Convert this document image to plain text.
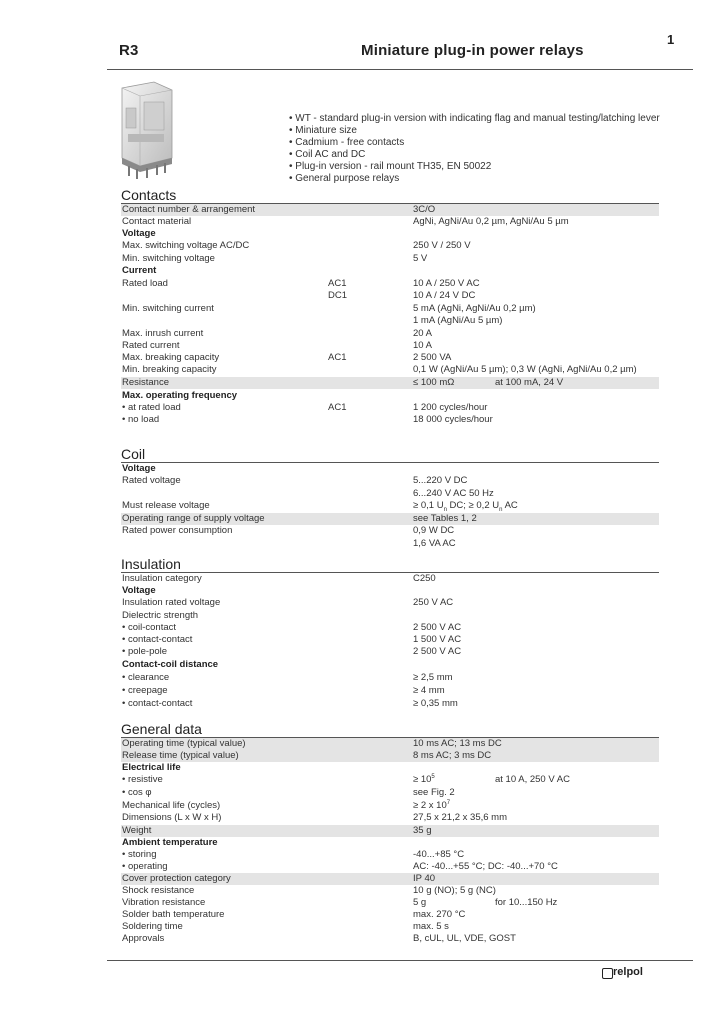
R3	Miniature plug-in power relays
1
• WT - standard plug-in version with indicating flag and manual testing/latching lever
• Miniature size
• Cadmium - free contacts
• Coil AC and DC
• Plug-in version - rail mount TH35, EN 50022
• General purpose relays
Contacts
Contact number & arrangement	3C/O
Contact material	AgNi, AgNi/Au 0,2 µm, AgNi/Au 5 µm
Voltage
Max. switching voltage AC/DC	250 V / 250 V
Min. switching voltage	5 V
Current
Rated load	AC1	10 A / 250 V AC
DC1	10 A / 24 V DC
Min. switching current	5 mA (AgNi, AgNi/Au 0,2 µm)
1 mA (AgNi/Au 5 µm)
Max. inrush current	20 A
Rated current	10 A
Max. breaking capacity	AC1	2 500 VA
Min. breaking capacity	0,1 W (AgNi/Au 5 µm); 0,3 W (AgNi, AgNi/Au 0,2 µm)
Resistance	≤ 100 mΩ	at 100 mA, 24 V
Max. operating frequency
• at rated load	AC1	1 200 cycles/hour
• no load	18 000 cycles/hour
Coil
Voltage
Rated voltage	5...220 V DC
6...240 V AC 50 Hz
Must release voltage	≥ 0,1 $U_n$ DC; ≥ 0,2 $U_n$ AC
Operating range of supply voltage	see Tables 1, 2
Rated power consumption	0,9 W DC
1,6 VA AC
Insulation
Insulation category	C250
Voltage
Insulation rated voltage	250 V AC
Dielectric strength
• coil-contact	2 500 V AC
• contact-contact	1 500 V AC
• pole-pole	2 500 V AC
Contact-coil distance
• clearance	≥ 2,5 mm
• creepage	≥ 4 mm
• contact-contact	≥ 0,35 mm
General data
Operating time (typical value)	10 ms AC; 13 ms DC
Release time (typical value)	8 ms AC; 3 ms DC
Electrical life
• resistive	≥ $10^5$	at 10 A, 250 V AC
• cos φ	see Fig. 2
Mechanical life (cycles)	≥ 2 x $10^7$
Dimensions (L x W x H)	27,5 x 21,2 x 35,6 mm
Weight	35 g
Ambient temperature
• storing	-40...+85 °C
• operating	AC: -40...+55 °C; DC: -40...+70 °C
Cover protection category	IP 40
Shock resistance	10 g (NO); 5 g (NC)
Vibration resistance	5 g	for 10...150 Hz
Solder bath temperature	max. 270 °C
Soldering time	max. 5 s
Approvals	B, cUL, UL, VDE, GOST
relpol
